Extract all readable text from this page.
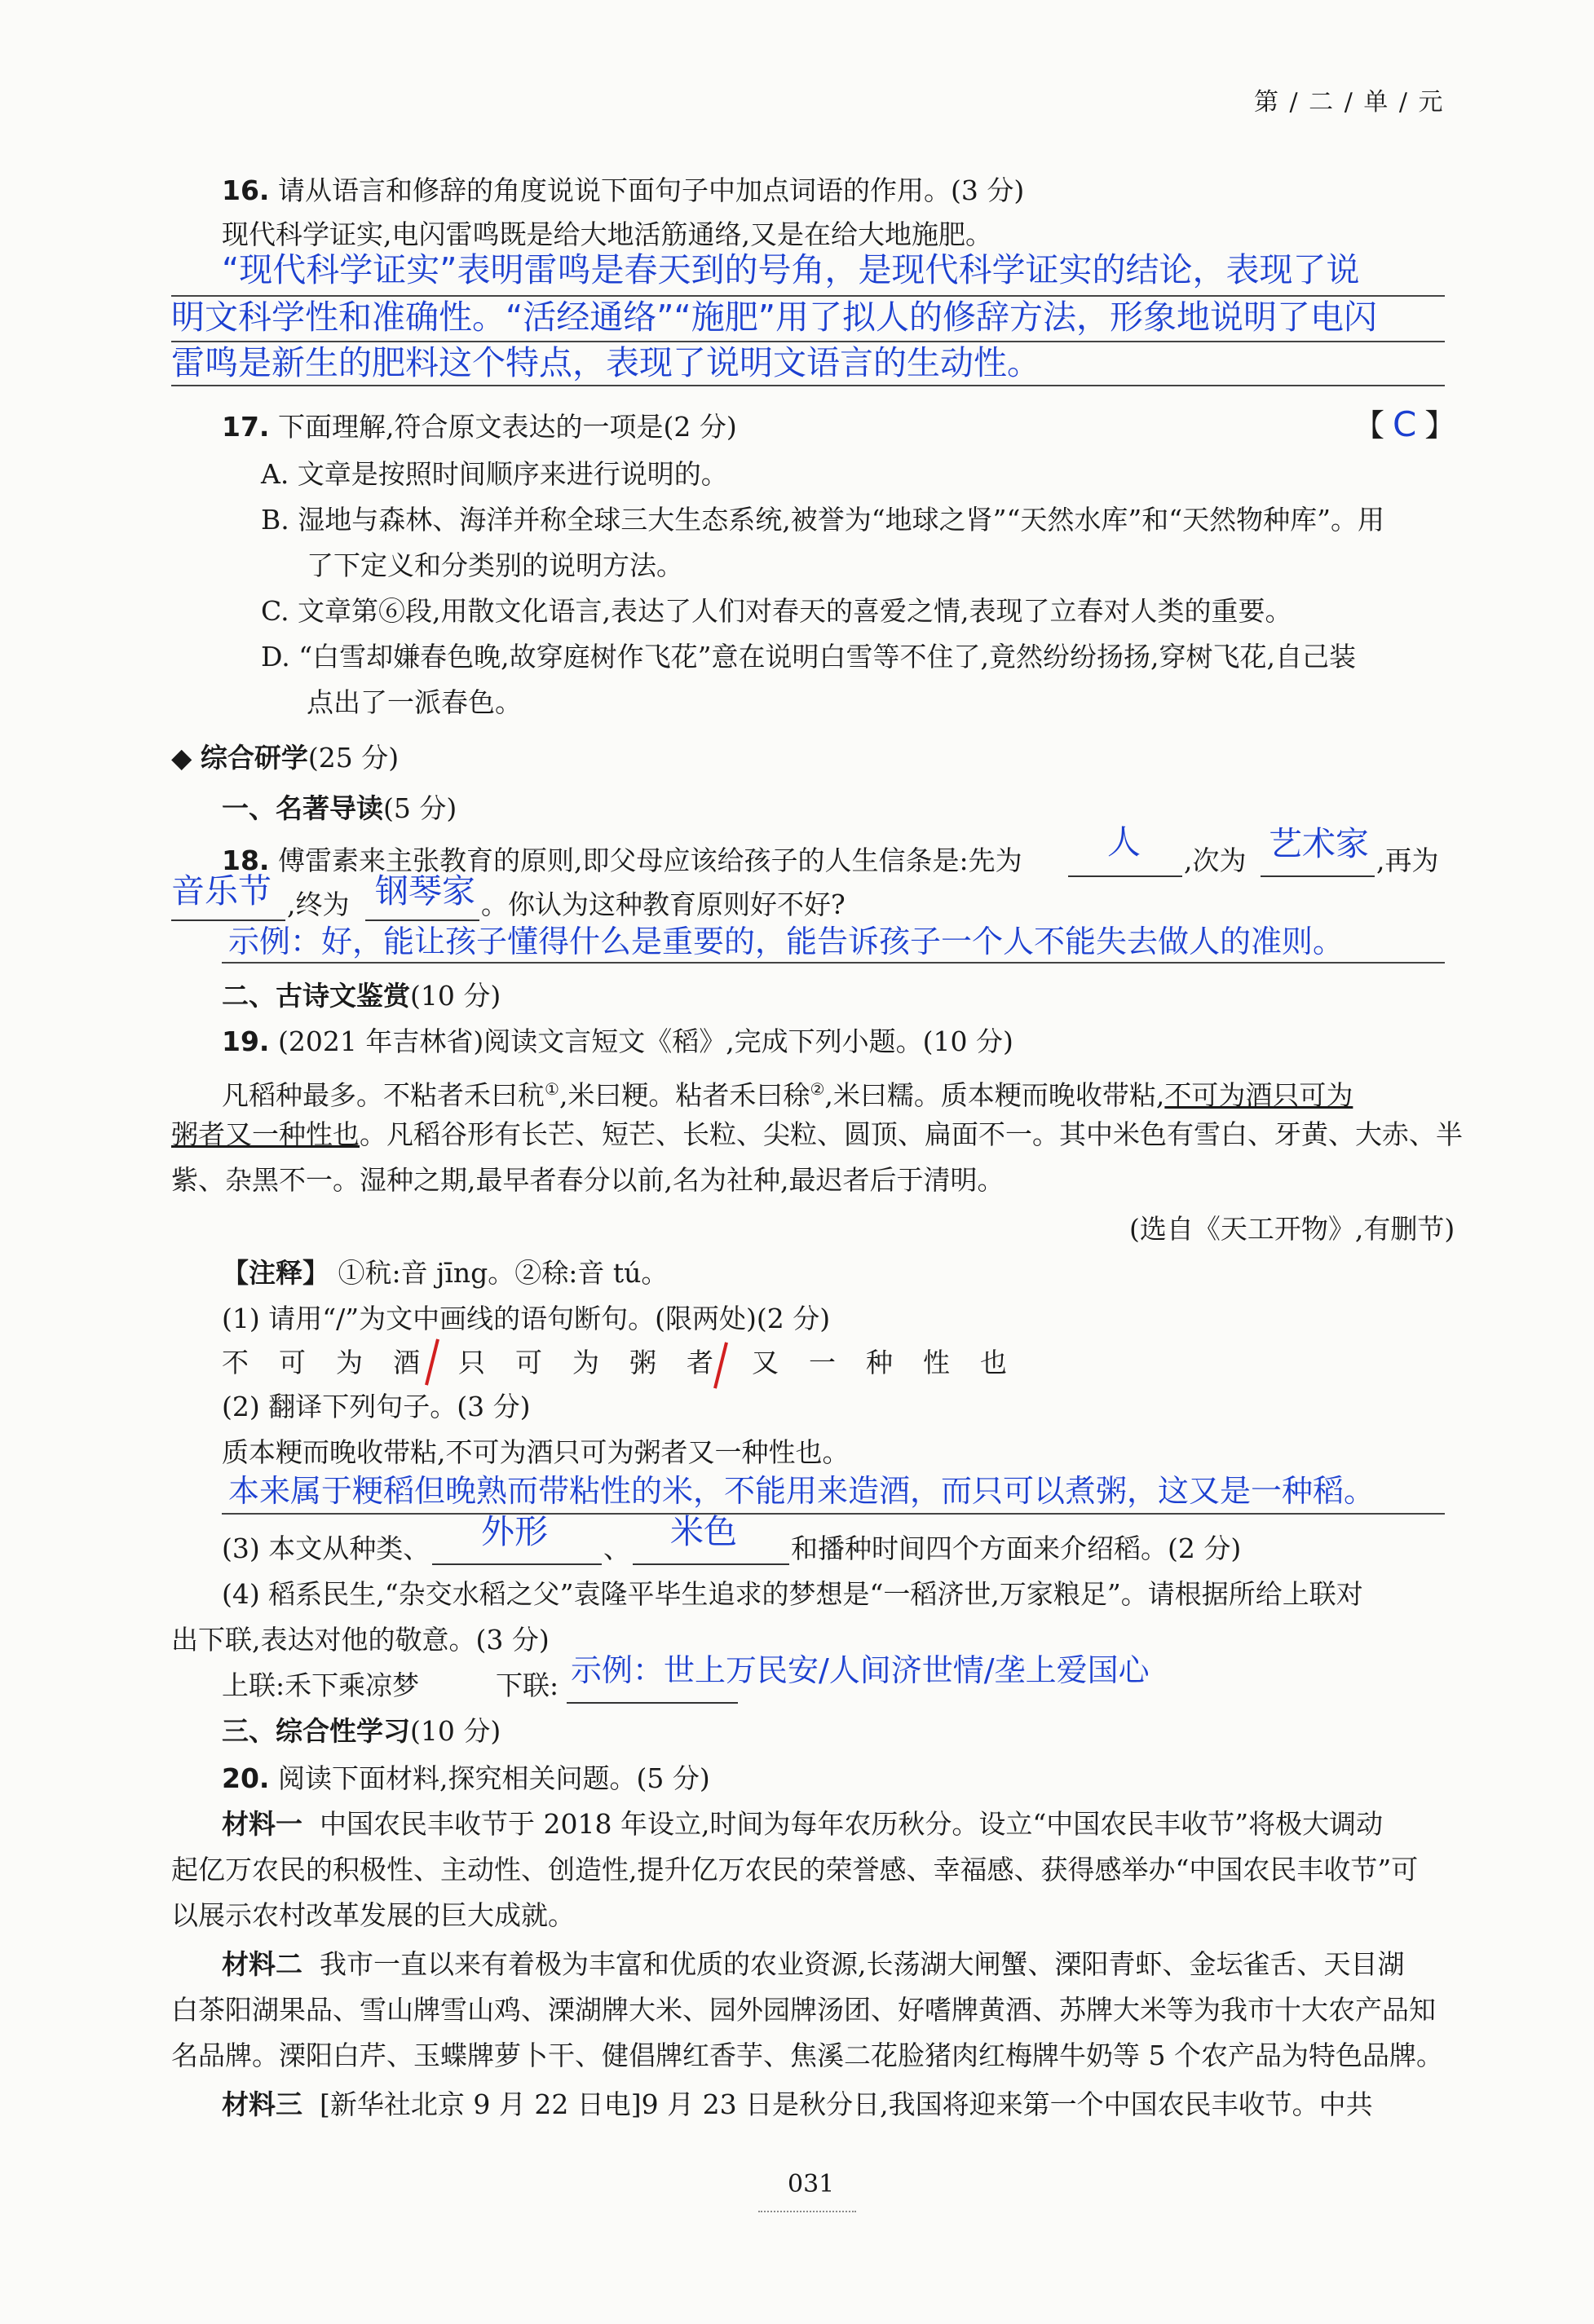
第 / 二 / 单 / 元
16. 请从语言和修辞的角度说说下面句子中加点词语的作用。(3 分)
现代科学证实,电闪雷鸣既是给大地活筋通络,又是在给大地施肥。
“现代科学证实”表明雷鸣是春天到的号角，是现代科学证实的结论，表现了说
明文科学性和准确性。“活经通络”“施肥”用了拟人的修辞方法，形象地说明了电闪
雷鸣是新生的肥料这个特点，表现了说明文语言的生动性。
17. 下面理解,符合原文表达的一项是(2 分)	【 C 】
A. 文章是按照时间顺序来进行说明的。
B. 湿地与森林、海洋并称全球三大生态系统,被誉为“地球之肾”“天然水库”和“天然物种库”。用
了下定义和分类别的说明方法。
C. 文章第⑥段,用散文化语言,表达了人们对春天的喜爱之情,表现了立春对人类的重要。
D. “白雪却嫌春色晚,故穿庭树作飞花”意在说明白雪等不住了,竟然纷纷扬扬,穿树飞花,自己装
点出了一派春色。
◆ 综合研学(25 分)
一、名著导读(5 分)
18. 傅雷素来主张教育的原则,即父母应该给孩子的人生信条是:先为	人 ,次为 艺术家 ,再为
音乐节 ,终为 钢琴家 。你认为这种教育原则好不好?
示例：好，能让孩子懂得什么是重要的，能告诉孩子一个人不能失去做人的准则。
二、古诗文鉴赏(10 分)
19. (2021 年吉林省)阅读文言短文《稻》,完成下列小题。(10 分)
凡稻种最多。不粘者禾曰秔①,米曰粳。粘者禾曰稌②,米曰糯。质本粳而晚收带粘,不可为酒只可为
粥者又一种性也。凡稻谷形有长芒、短芒、长粒、尖粒、圆顶、扁面不一。其中米色有雪白、牙黄、大赤、半
紫、杂黑不一。湿种之期,最早者春分以前,名为社种,最迟者后于清明。
(选自《天工开物》,有删节)
【注释】 ①秔:音 jīng。②稌:音 tú。
(1) 请用“/”为文中画线的语句断句。(限两处)(2 分)
不 可 为 酒 只 可 为 粥 者 又 一 种 性 也
(2) 翻译下列句子。(3 分)
质本粳而晚收带粘,不可为酒只可为粥者又一种性也。
本来属于粳稻但晚熟而带粘性的米，不能用来造酒，而只可以煮粥，这又是一种稻。
(3) 本文从种类、 外形 、 米色 和播种时间四个方面来介绍稻。(2 分)
(4) 稻系民生,“杂交水稻之父”袁隆平毕生追求的梦想是“一稻济世,万家粮足”。请根据所给上联对
出下联,表达对他的敬意。(3 分)
上联:禾下乘凉梦	下联: 示例：世上万民安/人间济世情/垄上爱国心
三、综合性学习(10 分)
20. 阅读下面材料,探究相关问题。(5 分)
材料一 中国农民丰收节于 2018 年设立,时间为每年农历秋分。设立“中国农民丰收节”将极大调动
起亿万农民的积极性、主动性、创造性,提升亿万农民的荣誉感、幸福感、获得感举办“中国农民丰收节”可
以展示农村改革发展的巨大成就。
材料二 我市一直以来有着极为丰富和优质的农业资源,长荡湖大闸蟹、溧阳青虾、金坛雀舌、天目湖
白茶阳湖果品、雪山牌雪山鸡、溧湖牌大米、园外园牌汤团、好嗜牌黄酒、苏牌大米等为我市十大农产品知
名品牌。溧阳白芹、玉蝶牌萝卜干、健倡牌红香芋、焦溪二花脸猪肉红梅牌牛奶等 5 个农产品为特色品牌。
材料三 [新华社北京 9 月 22 日电]9 月 23 日是秋分日,我国将迎来第一个中国农民丰收节。中共
031
